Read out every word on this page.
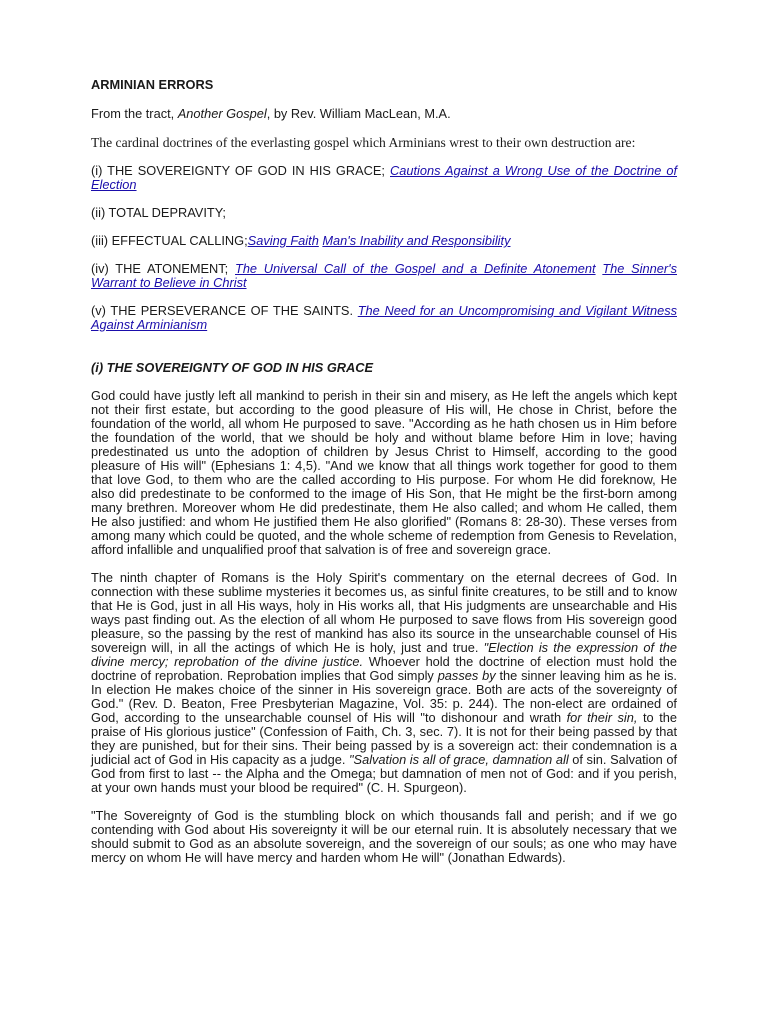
ARMINIAN ERRORS
From the tract, Another Gospel, by Rev. William MacLean, M.A.
The cardinal doctrines of the everlasting gospel which Arminians wrest to their own destruction are:
(i) THE SOVEREIGNTY OF GOD IN HIS GRACE; Cautions Against a Wrong Use of the Doctrine of Election
(ii) TOTAL DEPRAVITY;
(iii) EFFECTUAL CALLING;Saving Faith Man's Inability and Responsibility
(iv) THE ATONEMENT; The Universal Call of the Gospel and a Definite Atonement The Sinner's Warrant to Believe in Christ
(v) THE PERSEVERANCE OF THE SAINTS. The Need for an Uncompromising and Vigilant Witness Against Arminianism
(i) THE SOVEREIGNTY OF GOD IN HIS GRACE
God could have justly left all mankind to perish in their sin and misery, as He left the angels which kept not their first estate, but according to the good pleasure of His will, He chose in Christ, before the foundation of the world, all whom He purposed to save. "According as he hath chosen us in Him before the foundation of the world, that we should be holy and without blame before Him in love; having predestinated us unto the adoption of children by Jesus Christ to Himself, according to the good pleasure of His will" (Ephesians 1: 4,5). "And we know that all things work together for good to them that love God, to them who are the called according to His purpose. For whom He did foreknow, He also did predestinate to be conformed to the image of His Son, that He might be the first-born among many brethren. Moreover whom He did predestinate, them He also called; and whom He called, them He also justified: and whom He justified them He also glorified" (Romans 8: 28-30). These verses from among many which could be quoted, and the whole scheme of redemption from Genesis to Revelation, afford infallible and unqualified proof that salvation is of free and sovereign grace.
The ninth chapter of Romans is the Holy Spirit's commentary on the eternal decrees of God. In connection with these sublime mysteries it becomes us, as sinful finite creatures, to be still and to know that He is God, just in all His ways, holy in His works all, that His judgments are unsearchable and His ways past finding out. As the election of all whom He purposed to save flows from His sovereign good pleasure, so the passing by the rest of mankind has also its source in the unsearchable counsel of His sovereign will, in all the actings of which He is holy, just and true. "Election is the expression of the divine mercy; reprobation of the divine justice. Whoever hold the doctrine of election must hold the doctrine of reprobation. Reprobation implies that God simply passes by the sinner leaving him as he is. In election He makes choice of the sinner in His sovereign grace. Both are acts of the sovereignty of God." (Rev. D. Beaton, Free Presbyterian Magazine, Vol. 35: p. 244). The non-elect are ordained of God, according to the unsearchable counsel of His will "to dishonour and wrath for their sin, to the praise of His glorious justice" (Confession of Faith, Ch. 3, sec. 7). It is not for their being passed by that they are punished, but for their sins. Their being passed by is a sovereign act: their condemnation is a judicial act of God in His capacity as a judge. "Salvation is all of grace, damnation all of sin. Salvation of God from first to last -- the Alpha and the Omega; but damnation of men not of God: and if you perish, at your own hands must your blood be required" (C. H. Spurgeon).
"The Sovereignty of God is the stumbling block on which thousands fall and perish; and if we go contending with God about His sovereignty it will be our eternal ruin. It is absolutely necessary that we should submit to God as an absolute sovereign, and the sovereign of our souls; as one who may have mercy on whom He will have mercy and harden whom He will" (Jonathan Edwards).
